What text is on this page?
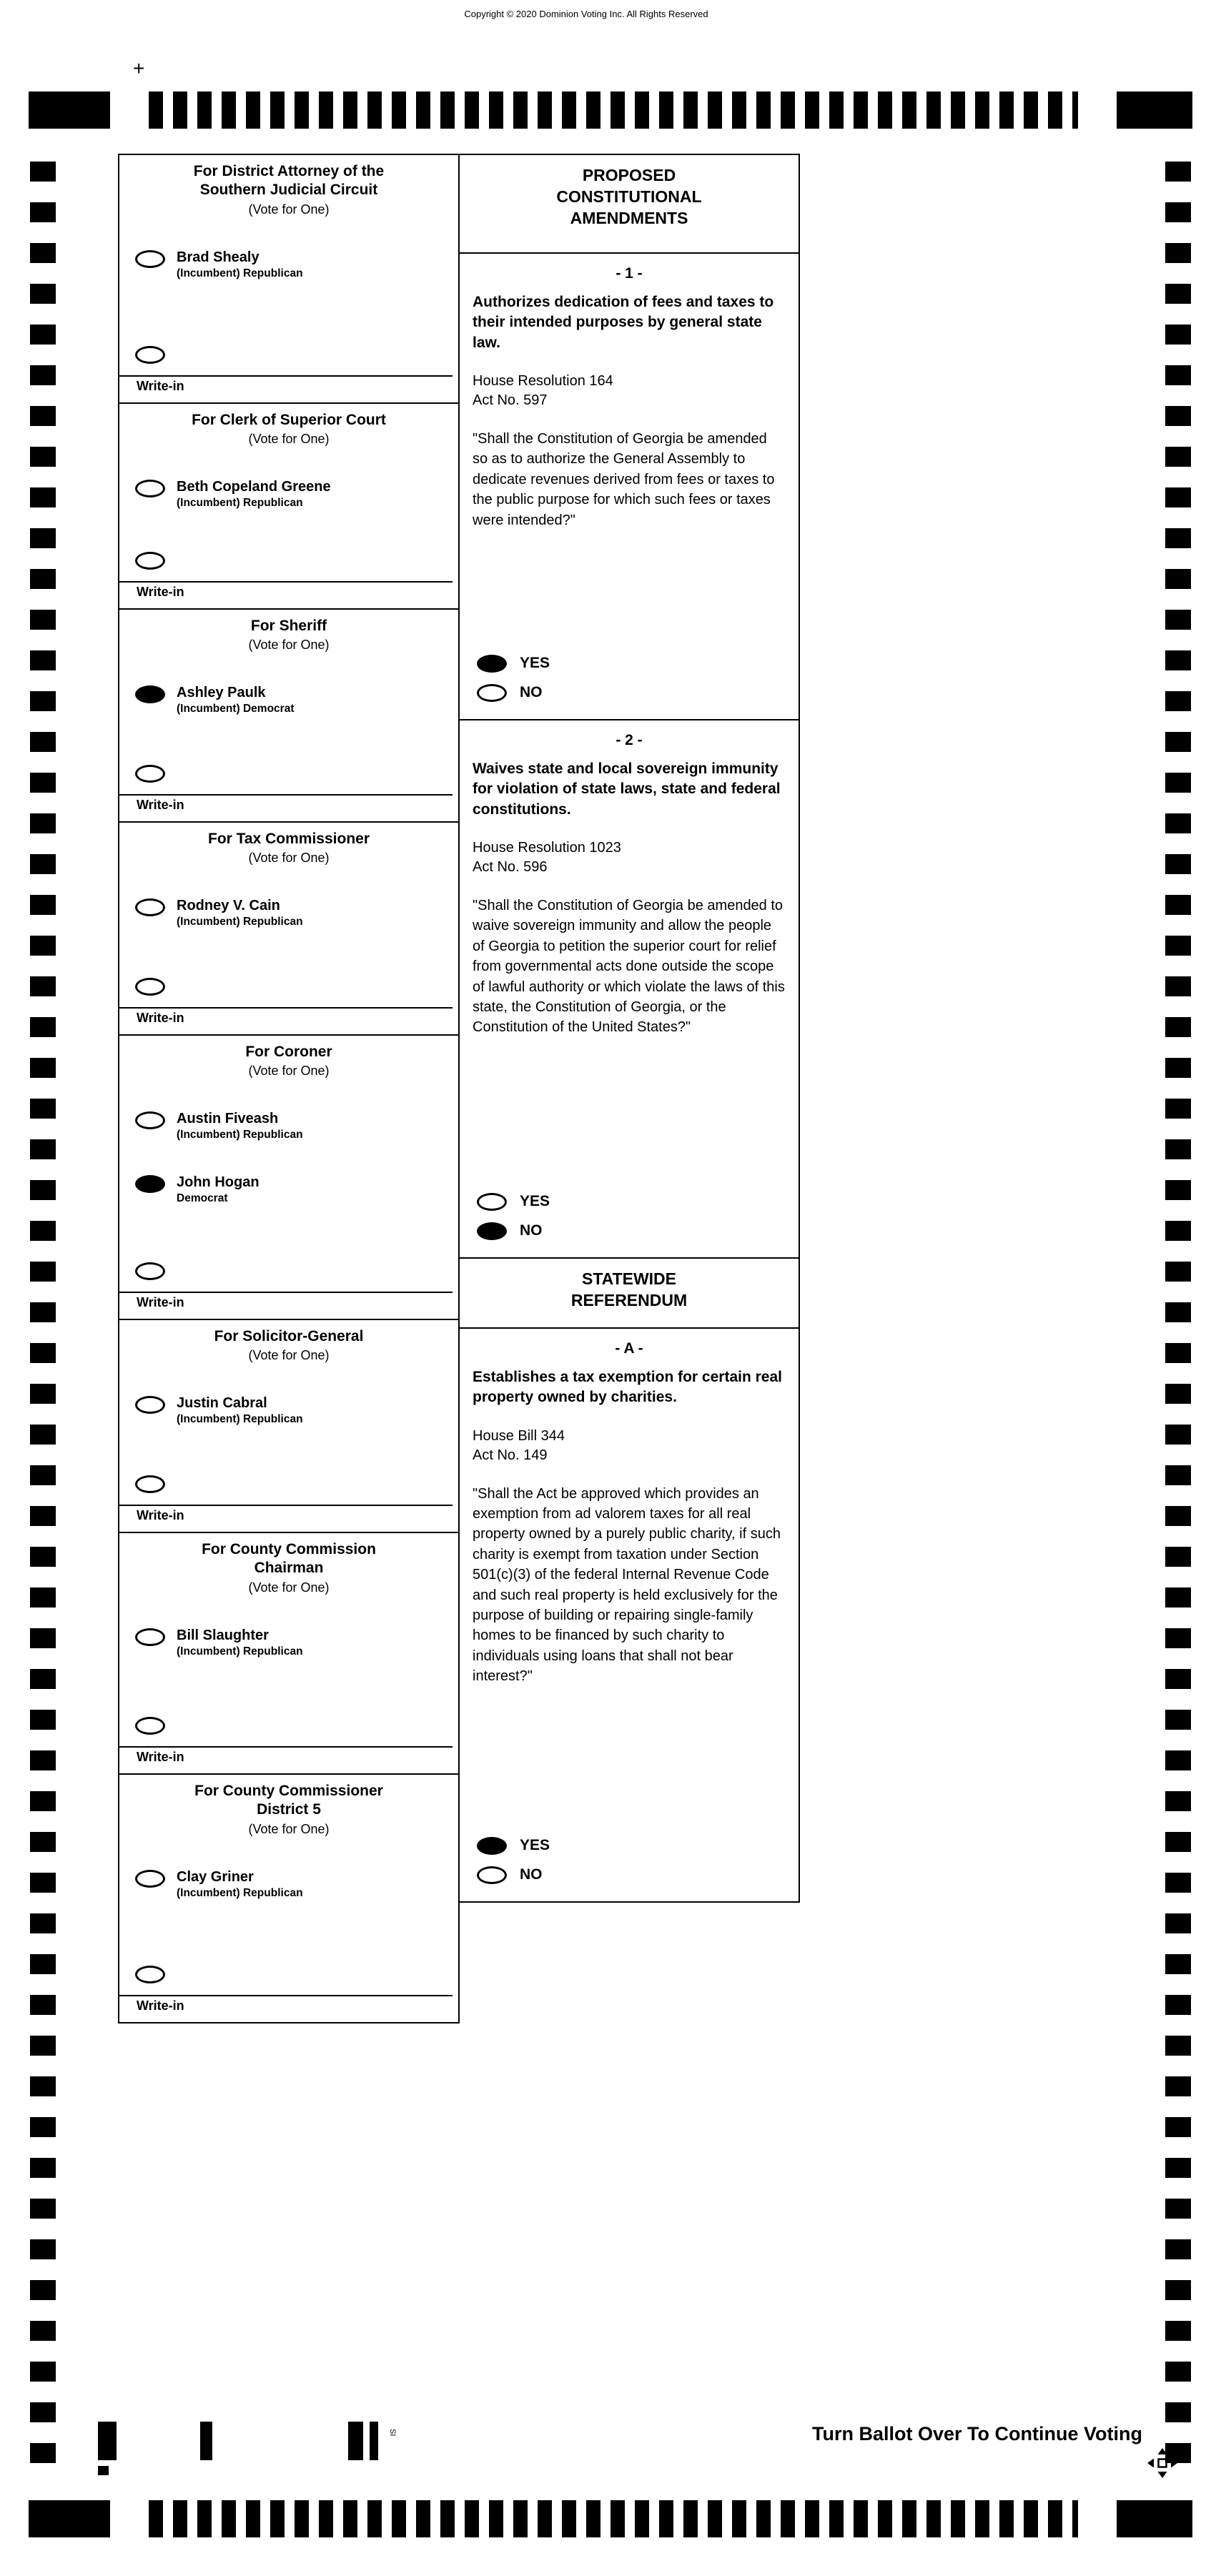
Copyright © 2020 Dominion Voting Inc. All Rights Reserved
+
For District Attorney of the
Southern Judicial Circuit
(Vote for One)
Brad Shealy
(Incumbent) Republican
Write-in
For Clerk of Superior Court
(Vote for One)
Beth Copeland Greene
(Incumbent) Republican
Write-in
For Sheriff
(Vote for One)
Ashley Paulk
(Incumbent) Democrat
Write-in
For Tax Commissioner
(Vote for One)
Rodney V. Cain
(Incumbent) Republican
Write-in
For Coroner
(Vote for One)
Austin Fiveash
(Incumbent) Republican
John Hogan
Democrat
Write-in
For Solicitor-General
(Vote for One)
Justin Cabral
(Incumbent) Republican
Write-in
For County Commission
Chairman
(Vote for One)
Bill Slaughter
(Incumbent) Republican
Write-in
For County Commissioner
District 5
(Vote for One)
Clay Griner
(Incumbent) Republican
Write-in
PROPOSED
CONSTITUTIONAL
AMENDMENTS
- 1 -
Authorizes dedication of fees and taxes to their intended purposes by general state law.
House Resolution 164
Act No. 597
"Shall the Constitution of Georgia be amended so as to authorize the General Assembly to dedicate revenues derived from fees or taxes to the public purpose for which such fees or taxes were intended?"
YES
NO
- 2 -
Waives state and local sovereign immunity for violation of state laws, state and federal constitutions.
House Resolution 1023
Act No. 596
"Shall the Constitution of Georgia be amended to waive sovereign immunity and allow the people of Georgia to petition the superior court for relief from governmental acts done outside the scope of lawful authority or which violate the laws of this state, the Constitution of Georgia, or the Constitution of the United States?"
YES
NO
STATEWIDE
REFERENDUM
- A -
Establishes a tax exemption for certain real property owned by charities.
House Bill 344
Act No. 149
"Shall the Act be approved which provides an exemption from ad valorem taxes for all real property owned by a purely public charity, if such charity is exempt from taxation under Section 501(c)(3) of the federal Internal Revenue Code and such real property is held exclusively for the purpose of building or repairing single-family homes to be financed by such charity to individuals using loans that shall not bear interest?"
YES
NO
SI	Turn Ballot Over To Continue Voting
